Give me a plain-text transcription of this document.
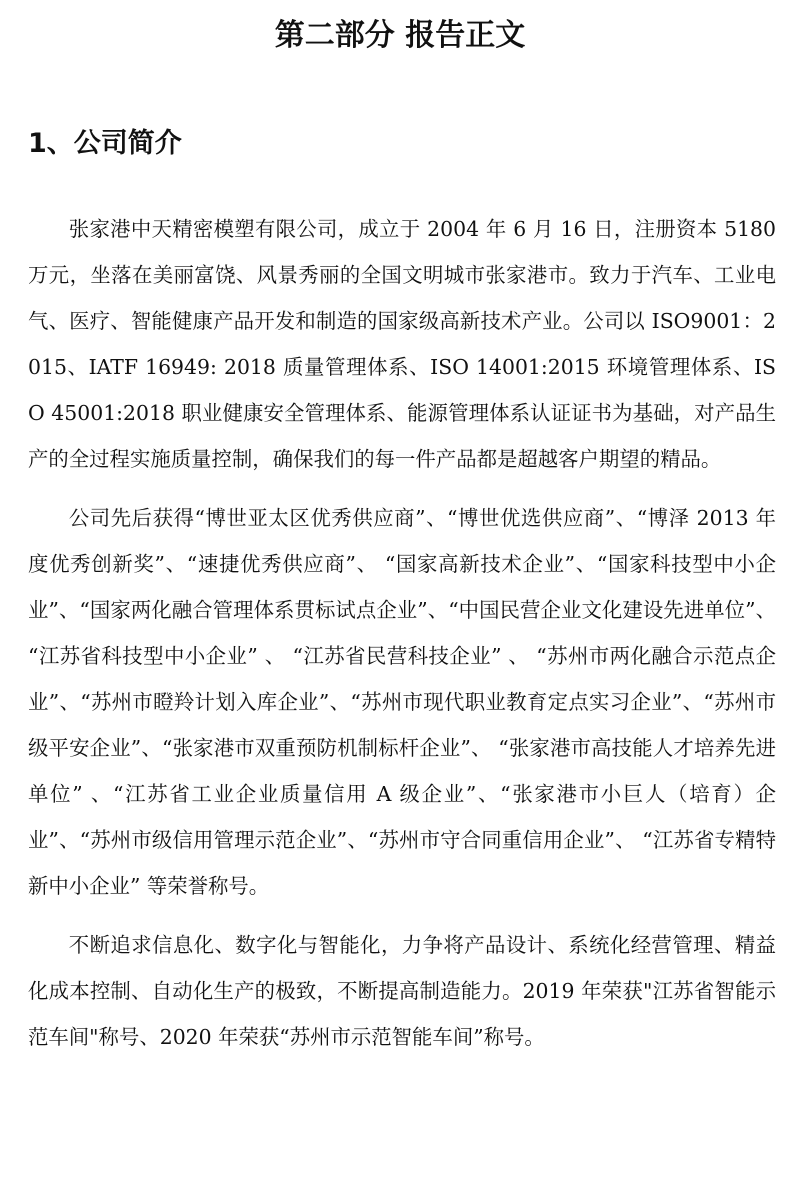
第二部分 报告正文
1、公司简介

张家港中天精密模塑有限公司，成立于 2004 年 6 月 16 日，注册资本 5180 万元，坐落在美丽富饶、风景秀丽的全国文明城市张家港市。致力于汽车、工业电气、医疗、智能健康产品开发和制造的国家级高新技术产业。公司以 ISO9001：2015、IATF 16949: 2018 质量管理体系、ISO 14001:2015 环境管理体系、ISO 45001:2018 职业健康安全管理体系、能源管理体系认证证书为基础，对产品生产的全过程实施质量控制，确保我们的每一件产品都是超越客户期望的精品。

公司先后获得“博世亚太区优秀供应商”、“博世优选供应商”、“博泽 2013 年度优秀创新奖”、“速捷优秀供应商”、 “国家高新技术企业”、“国家科技型中小企业”、“国家两化融合管理体系贯标试点企业”、“中国民营企业文化建设先进单位”、 “江苏省科技型中小企业” 、 “江苏省民营科技企业” 、 “苏州市两化融合示范点企业”、“苏州市瞪羚计划入库企业”、“苏州市现代职业教育定点实习企业”、“苏州市级平安企业”、“张家港市双重预防机制标杆企业”、 “张家港市高技能人才培养先进单位” 、“江苏省工业企业质量信用 A 级企业”、“张家港市小巨人（培育）企业”、“苏州市级信用管理示范企业”、“苏州市守合同重信用企业”、 “江苏省专精特新中小企业” 等荣誉称号。

不断追求信息化、数字化与智能化，力争将产品设计、系统化经营管理、精益化成本控制、自动化生产的极致，不断提高制造能力。2019 年荣获"江苏省智能示范车间"称号、2020 年荣获“苏州市示范智能车间”称号。
